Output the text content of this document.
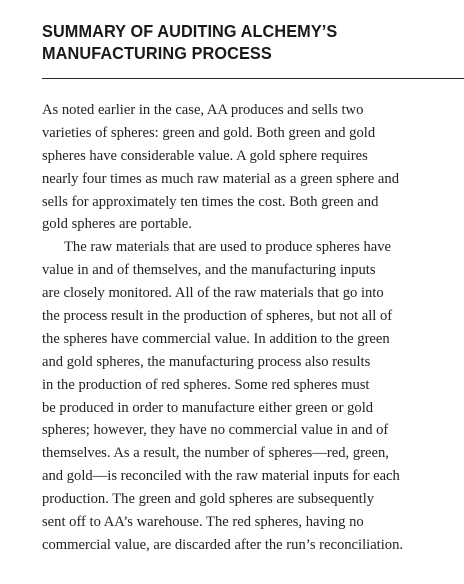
SUMMARY OF AUDITING ALCHEMY’S
MANUFACTURING PROCESS
As noted earlier in the case, AA produces and sells two
varieties of spheres: green and gold. Both green and gold
spheres have considerable value. A gold sphere requires
nearly four times as much raw material as a green sphere and
sells for approximately ten times the cost. Both green and
gold spheres are portable.
The raw materials that are used to produce spheres have
value in and of themselves, and the manufacturing inputs
are closely monitored. All of the raw materials that go into
the process result in the production of spheres, but not all of
the spheres have commercial value. In addition to the green
and gold spheres, the manufacturing process also results
in the production of red spheres. Some red spheres must
be produced in order to manufacture either green or gold
spheres; however, they have no commercial value in and of
themselves. As a result, the number of spheres—red, green,
and gold—is reconciled with the raw material inputs for each
production. The green and gold spheres are subsequently
sent off to AA’s warehouse. The red spheres, having no
commercial value, are discarded after the run’s reconciliation.
